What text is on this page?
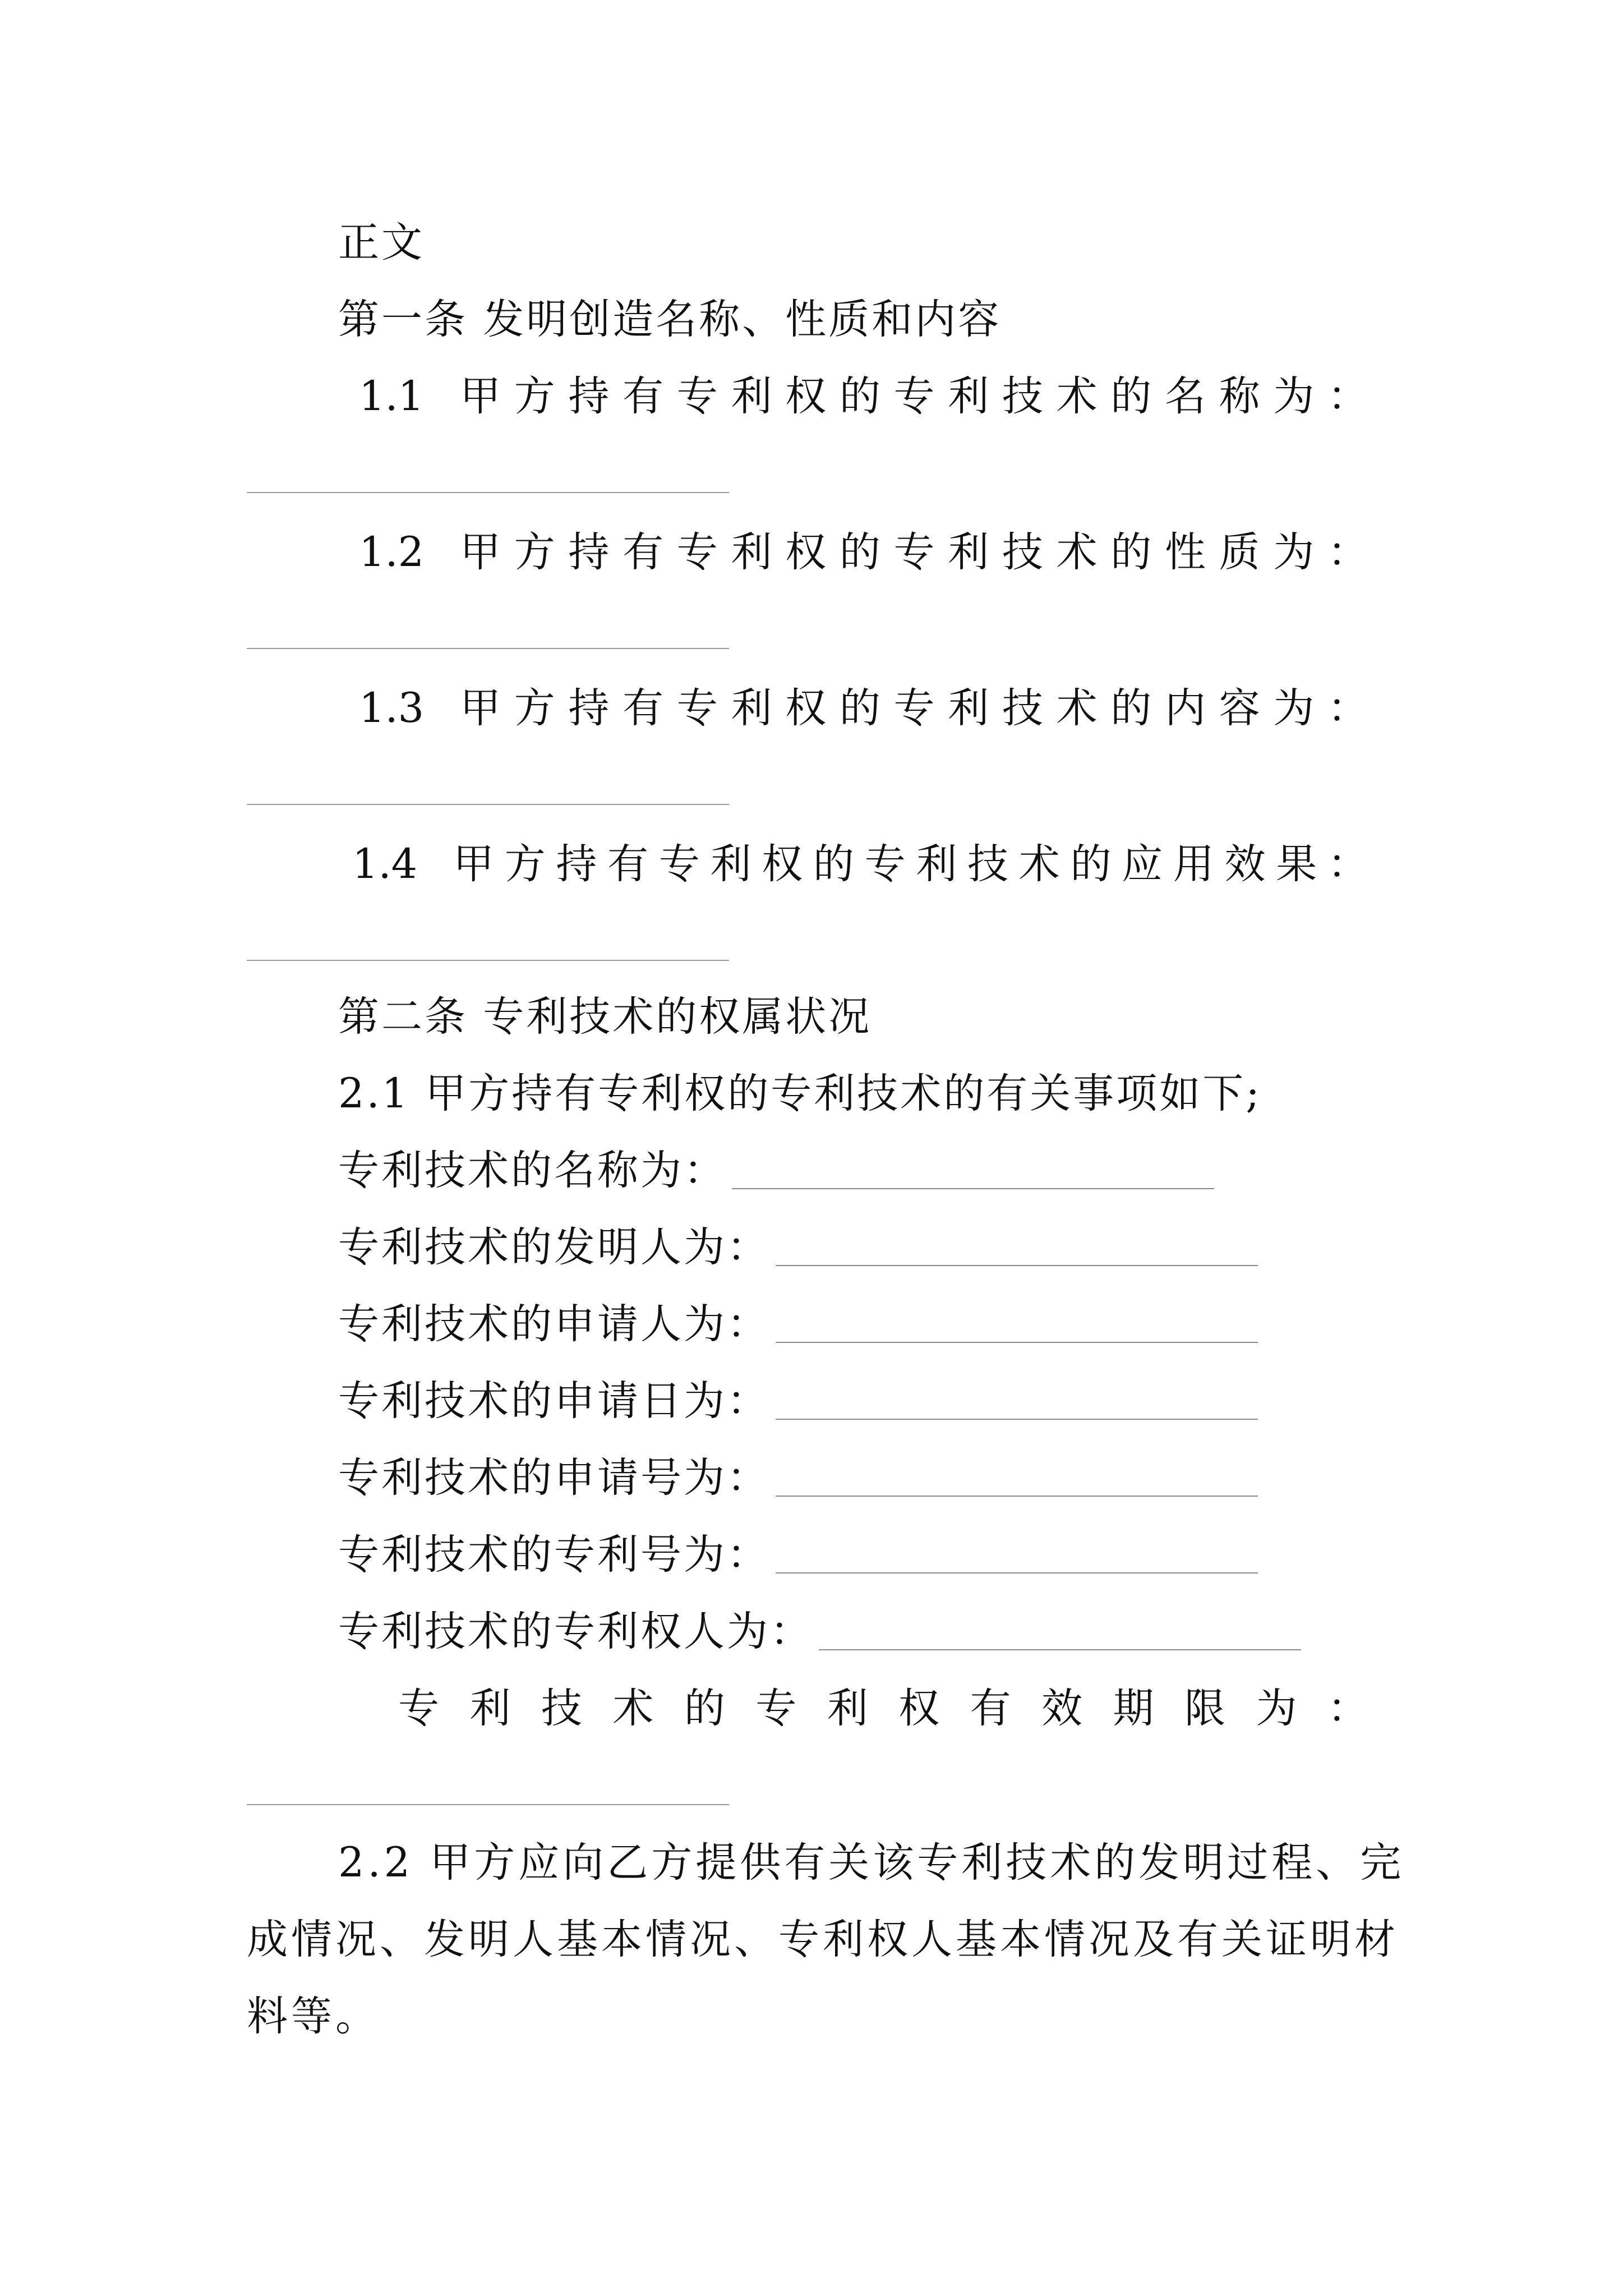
正文
第一条 发明创造名称、性质和内容
1.1 甲 方 持 有 专 利 权 的 专 利 技 术 的 名 称 为 ：
1.2 甲 方 持 有 专 利 权 的 专 利 技 术 的 性 质 为 ：
1.3 甲 方 持 有 专 利 权 的 专 利 技 术 的 内 容 为 ：
1.4 甲 方 持 有 专 利 权 的 专 利 技 术 的 应 用 效 果 ：
第二条 专利技术的权属状况
2.1 甲方持有专利权的专利技术的有关事项如下;
专利技术的名称为：
专利技术的发明人为：
专利技术的申请人为：
专利技术的申请日为：
专利技术的申请号为：
专利技术的专利号为：
专利技术的专利权人为：
专 利 技 术 的 专 利 权 有 效 期 限 为 ：
2.2 甲方应向乙方提供有关该专利技术的发明过程、完
成情况、发明人基本情况、专利权人基本情况及有关证明材
料等。
